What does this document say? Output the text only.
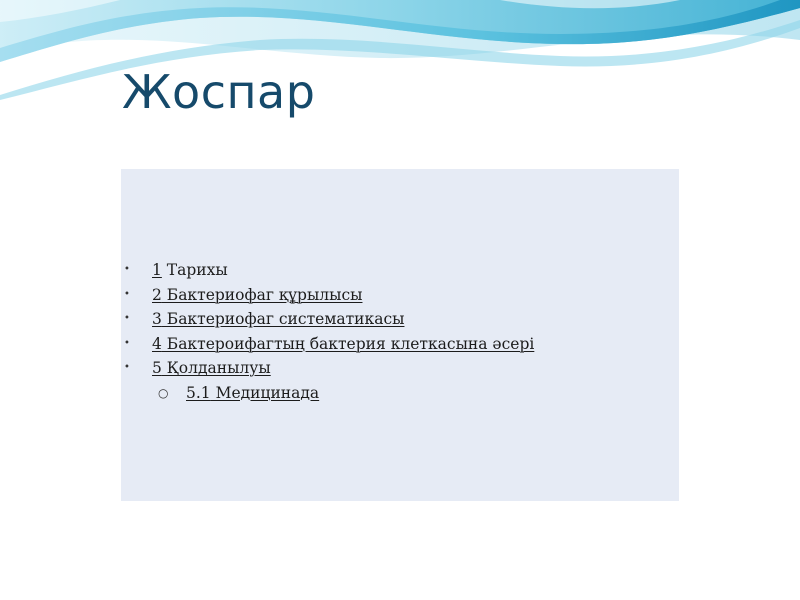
Жоспар
• 1 Тарихы
• 2 Бактериофаг құрылысы
• 3 Бактериофаг систематикасы
• 4 Бактероифагтың бактерия клеткасына әсері
• 5 Қолданылуы
○ 5.1 Медицинада
